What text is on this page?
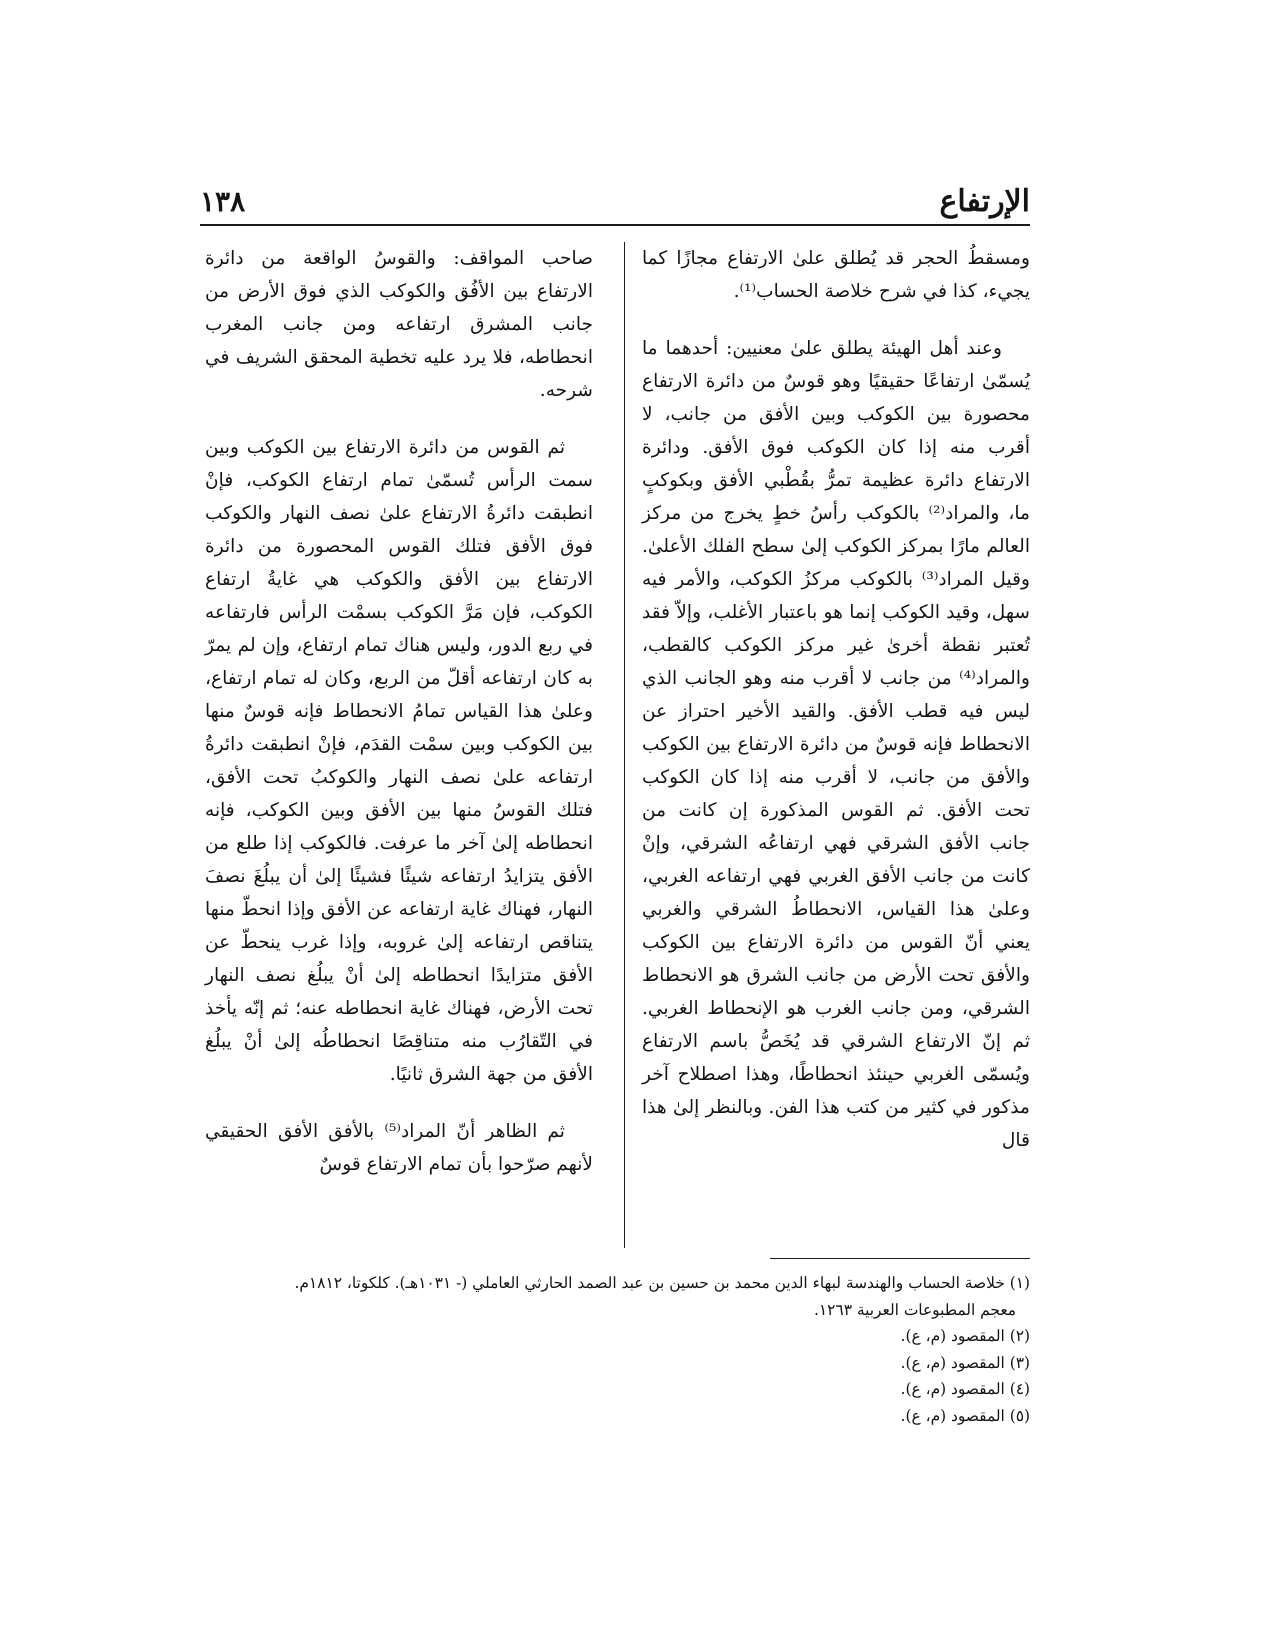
الإرتفاع
١٣٨

ومسقطُ الحجر قد يُطلق علىٰ الارتفاع مجازًا كما يجيء، كذا في شرح خلاصة الحساب⁽¹⁾.

وعند أهل الهيئة يطلق علىٰ معنيين: أحدهما ما يُسمّىٰ ارتفاعًا حقيقيًا وهو قوسٌ من دائرة الارتفاع محصورة بين الكوكب وبين الأفق من جانب، لا أقرب منه إذا كان الكوكب فوق الأفق. ودائرة الارتفاع دائرة عظيمة تمرُّ بقُطْبي الأفق وبكوكبٍ ما، والمراد⁽²⁾ بالكوكب رأسُ خطٍ يخرج من مركز العالم مارًا بمركز الكوكب إلىٰ سطح الفلك الأعلىٰ. وقيل المراد⁽³⁾ بالكوكب مركزُ الكوكب، والأمر فيه سهل، وقيد الكوكب إنما هو باعتبار الأغلب، وإلاّ فقد تُعتبر نقطة أخرىٰ غير مركز الكوكب كالقطب، والمراد⁽⁴⁾ من جانب لا أقرب منه وهو الجانب الذي ليس فيه قطب الأفق. والقيد الأخير احتراز عن الانحطاط فإنه قوسٌ من دائرة الارتفاع بين الكوكب والأفق من جانب، لا أقرب منه إذا كان الكوكب تحت الأفق. ثم القوس المذكورة إن كانت من جانب الأفق الشرقي فهي ارتفاعُه الشرقي، وإنْ كانت من جانب الأفق الغربي فهي ارتفاعه الغربي، وعلىٰ هذا القياس، الانحطاطُ الشرقي والغربي يعني أنّ القوس من دائرة الارتفاع بين الكوكب والأفق تحت الأرض من جانب الشرق هو الانحطاط الشرقي، ومن جانب الغرب هو الإنحطاط الغربي. ثم إنّ الارتفاع الشرقي قد يُخَصُّ باسم الارتفاع ويُسمّى الغربي حينئذ انحطاطًا، وهذا اصطلاح آخر مذكور في كثير من كتب هذا الفن. وبالنظر إلىٰ هذا قال

صاحب المواقف: والقوسُ الواقعة من دائرة الارتفاع بين الأفُق والكوكب الذي فوق الأرض من جانب المشرق ارتفاعه ومن جانب المغرب انحطاطه، فلا يرد عليه تخطية المحقق الشريف في شرحه.

ثم القوس من دائرة الارتفاع بين الكوكب وبين سمت الرأس تُسمّىٰ تمام ارتفاع الكوكب، فإنْ انطبقت دائرةُ الارتفاع علىٰ نصف النهار والكوكب فوق الأفق فتلك القوس المحصورة من دائرة الارتفاع بين الأفق والكوكب هي غايةُ ارتفاع الكوكب، فإن مَرَّ الكوكب بسمْت الرأس فارتفاعه في ربع الدور، وليس هناك تمام ارتفاع، وإن لم يمرّ به كان ارتفاعه أقلّ من الربع، وكان له تمام ارتفاع، وعلىٰ هذا القياس تمامُ الانحطاط فإنه قوسٌ منها بين الكوكب وبين سمْت القدَم، فإنْ انطبقت دائرةُ ارتفاعه علىٰ نصف النهار والكوكبُ تحت الأفق، فتلك القوسُ منها بين الأفق وبين الكوكب، فإنه انحطاطه إلىٰ آخر ما عرفت. فالكوكب إذا طلع من الأفق يتزايدُ ارتفاعه شيئًا فشيئًا إلىٰ أن يبلُغَ نصفَ النهار، فهناك غاية ارتفاعه عن الأفق وإذا انحطّ منها يتناقص ارتفاعه إلىٰ غروبه، وإذا غرب ينحطّ عن الأفق متزايدًا انحطاطه إلىٰ أنْ يبلُغ نصف النهار تحت الأرض، فهناك غاية انحطاطه عنه؛ ثم إنّه يأخذ في التّقارُب منه متناقِصًا انحطاطُه إلىٰ أنْ يبلُغ الأفق من جهة الشرق ثانيًا.

ثم الظاهر أنّ المراد⁽⁵⁾ بالأفق الأفق الحقيقي لأنهم صرّحوا بأن تمام الارتفاع قوسٌ

(١) خلاصة الحساب والهندسة لبهاء الدين محمد بن حسين بن عبد الصمد الحارثي العاملي (- ١٠٣١هـ). كلكوتا، ١٨١٢م.

معجم المطبوعات العربية ١٢٦٣.

(٢) المقصود (م، ع).

(٣) المقصود (م، ع).

(٤) المقصود (م، ع).

(٥) المقصود (م، ع).
